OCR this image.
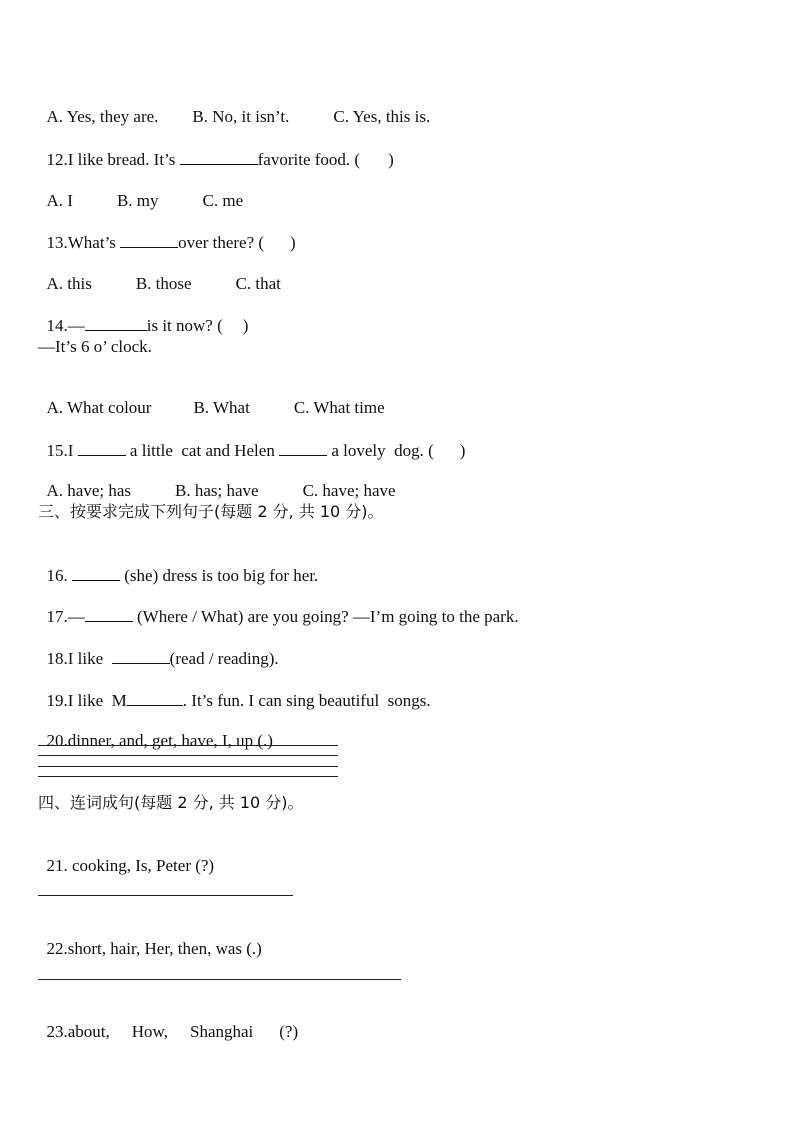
A. Yes, they are. B. No, it isn’t.	C. Yes, this is.

12.I like bread. It’s	favorite food. ( )

A. I	B. my	C. me

13.What’s	over there? ( )

A. this	B. those	C. that

14.—	is it now? ( )

—It’s 6 o’ clock.

A. What colour B. What	C. What time

15.I	a little  cat and Helen	a lovely  dog. ( )

A. have; has	B. has; have	C. have; have

三、按要求完成下列句子(每题 2 分, 共 10 分)。

16.	(she) dress is too big for her.

17.—	(Where / What) are you going? —I’m going to the park.

18.I like	(read / reading).

19.I like  M	. It’s fun. I can sing beautiful  songs.

20.dinner, and, get, have, I, up (.)

四、连词成句(每题 2 分, 共 10 分)。

21. cooking, Is, Peter (?)

22.short, hair, Her, then, was (.)

23.about, How, Shanghai (?)
